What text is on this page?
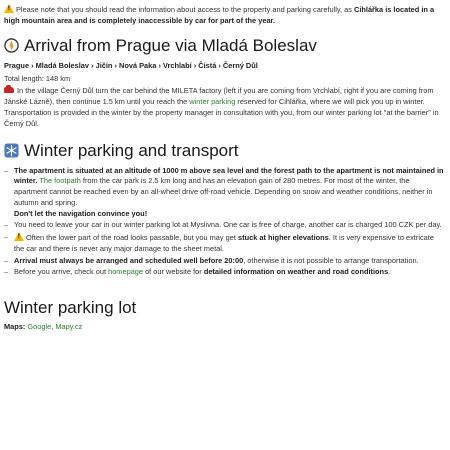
!Please note that you should read the information about access to the property and parking carefully, as Cihlářka is located in a high mountain area and is completely inaccessible by car for part of the year.

Arrival from Prague via Mladá Boleslav
Prague › Mladá Boleslav › Jičín › Nová Paka › Vrchlabí › Čistá › Černý Důl
Total length: 148 km
In the village Černý Důl turn the car behind the MILETA factory (left if you are coming from Vrchlabí, right if you are coming from Jánské Lázně), then continue 1.5 km until you reach the winter parking reserved for Cihlářka, where we will pick you up in winter. Transportation is provided in the winter by the property manager in consultation with you, from our winter parking lot "at the barrier" in Černý Důl.
Winter parking and transport
– The apartment is situated at an altitude of 1000 m above sea level and the forest path to the apartment is not maintained in winter. The footpath from the car park is 2.5 km long and has an elevation gain of 280 metres. For most of the winter, the apartment cannot be reached even by an all-wheel drive off-road vehicle. Depending on snow and weather conditions, neither in autumn and spring.
Don't let the navigation convince you!
– You need to leave your car in our winter parking lot at Myslivna. One car is free of charge, another car is charged 100 CZK per day.
!– Often the lower part of the road looks passable, but you may get stuck at higher elevations. It is very expensive to extricate the car and there is never any major damage to the sheet metal.
– Arrival must always be arranged and scheduled well before 20:00, otherwise it is not possible to arrange transportation.
– Before you arrive, check out homepage of our website for detailed information on weather and road conditions.
Winter parking lot
Maps: Google, Mapy.cz
